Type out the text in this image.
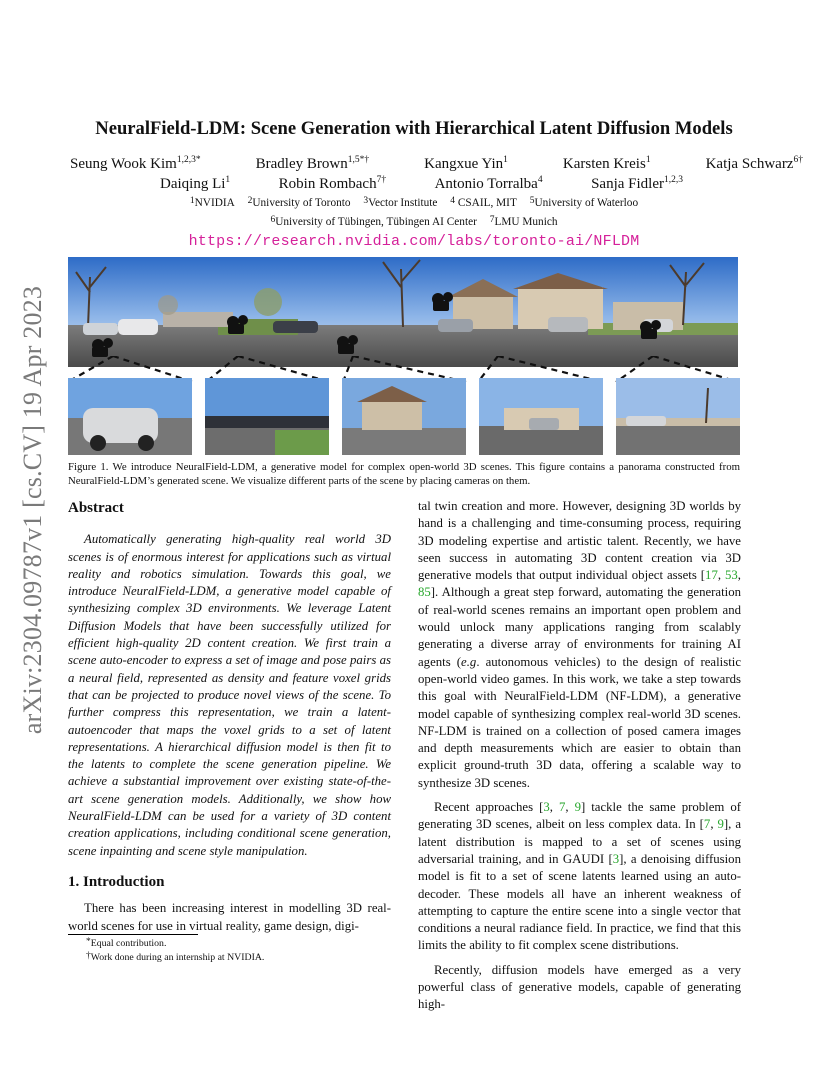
arXiv:2304.09787v1 [cs.CV] 19 Apr 2023
NeuralField-LDM: Scene Generation with Hierarchical Latent Diffusion Models
Seung Wook Kim$^{1,2,3*}$	Bradley Brown$^{1,5*\dagger}$	Kangxue Yin$^1$	Karsten Kreis$^1$	Katja Schwarz$^{6\dagger}$
Daiqing Li$^1$	Robin Rombach$^{7\dagger}$	Antonio Torralba$^4$	Sanja Fidler$^{1,2,3}$
$^1$NVIDIA $^2$University of Toronto $^3$Vector Institute $^4$ CSAIL, MIT $^5$University of Waterloo
$^6$University of Tübingen, Tübingen AI Center $^7$LMU Munich
https://research.nvidia.com/labs/toronto-ai/NFLDM
Figure 1. We introduce NeuralField-LDM, a generative model for complex open-world 3D scenes. This figure contains a panorama constructed from NeuralField-LDM’s generated scene. We visualize different parts of the scene by placing cameras on them.

Abstract

Automatically generating high-quality real world 3D scenes is of enormous interest for applications such as virtual reality and robotics simulation. Towards this goal, we introduce NeuralField-LDM, a generative model capable of synthesizing complex 3D environments. We leverage Latent Diffusion Models that have been successfully utilized for efficient high-quality 2D content creation. We first train a scene auto-encoder to express a set of image and pose pairs as a neural field, represented as density and feature voxel grids that can be projected to produce novel views of the scene. To further compress this representation, we train a latent-autoencoder that maps the voxel grids to a set of latent representations. A hierarchical diffusion model is then fit to the latents to complete the scene generation pipeline. We achieve a substantial improvement over existing state-of-the-art scene generation models. Additionally, we show how NeuralField-LDM can be used for a variety of 3D content creation applications, including conditional scene generation, scene inpainting and scene style manipulation.

1. Introduction

There has been increasing interest in modelling 3D real-world scenes for use in virtual reality, game design, digi-

*Equal contribution.
†Work done during an internship at NVIDIA.

tal twin creation and more. However, designing 3D worlds by hand is a challenging and time-consuming process, requiring 3D modeling expertise and artistic talent. Recently, we have seen success in automating 3D content creation via 3D generative models that output individual object assets [17, 53, 85]. Although a great step forward, automating the generation of real-world scenes remains an important open problem and would unlock many applications ranging from scalably generating a diverse array of environments for training AI agents (e.g. autonomous vehicles) to the design of realistic open-world video games. In this work, we take a step towards this goal with NeuralField-LDM (NF-LDM), a generative model capable of synthesizing complex real-world 3D scenes. NF-LDM is trained on a collection of posed camera images and depth measurements which are easier to obtain than explicit ground-truth 3D data, offering a scalable way to synthesize 3D scenes.

Recent approaches [3, 7, 9] tackle the same problem of generating 3D scenes, albeit on less complex data. In [7, 9], a latent distribution is mapped to a set of scenes using adversarial training, and in GAUDI [3], a denoising diffusion model is fit to a set of scene latents learned using an auto-decoder. These models all have an inherent weakness of attempting to capture the entire scene into a single vector that conditions a neural radiance field. In practice, we find that this limits the ability to fit complex scene distributions.

Recently, diffusion models have emerged as a very powerful class of generative models, capable of generating high-
